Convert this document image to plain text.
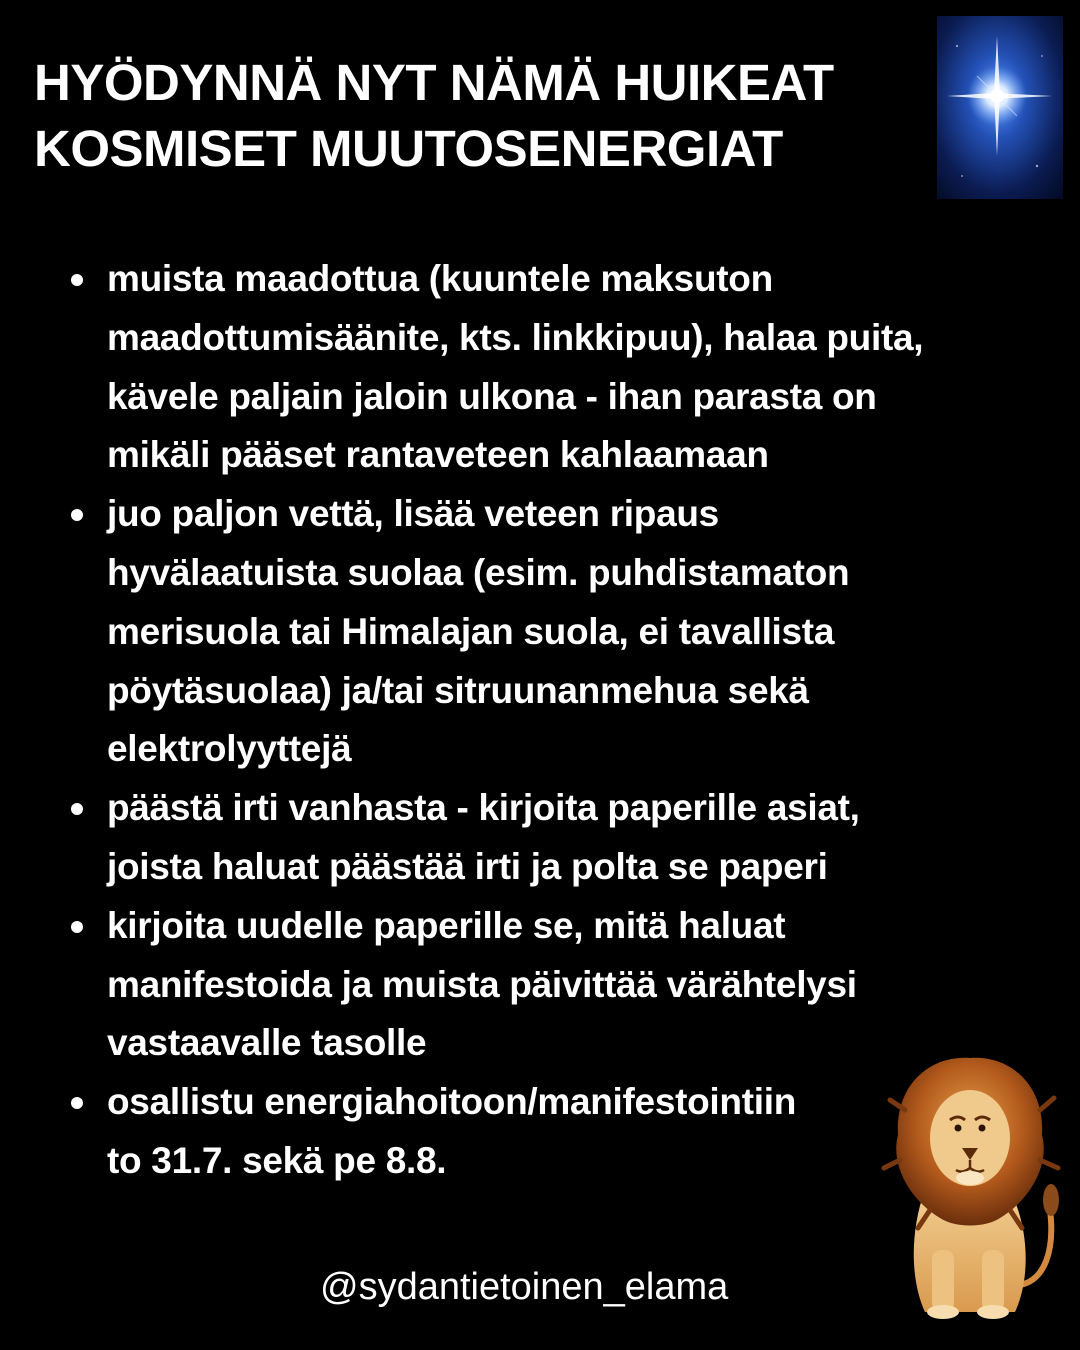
HYÖDYNNÄ NYT NÄMÄ HUIKEAT
KOSMISET MUUTOSENERGIAT
muista maadottua (kuuntele maksuton
maadottumisäänite, kts. linkkipuu), halaa puita,
kävele paljain jaloin ulkona - ihan parasta on
mikäli pääset rantaveteen kahlaamaan
juo paljon vettä, lisää veteen ripaus
hyvälaatuista suolaa (esim. puhdistamaton
merisuola tai Himalajan suola, ei tavallista
pöytäsuolaa) ja/tai sitruunanmehua sekä
elektrolyyttejä
päästä irti vanhasta - kirjoita paperille asiat,
joista haluat päästää irti ja polta se paperi
kirjoita uudelle paperille se, mitä haluat
manifestoida ja muista päivittää värähtelysi
vastaavalle tasolle
osallistu energiahoitoon/manifestointiin
to 31.7. sekä pe 8.8.
@sydantietoinen_elama
